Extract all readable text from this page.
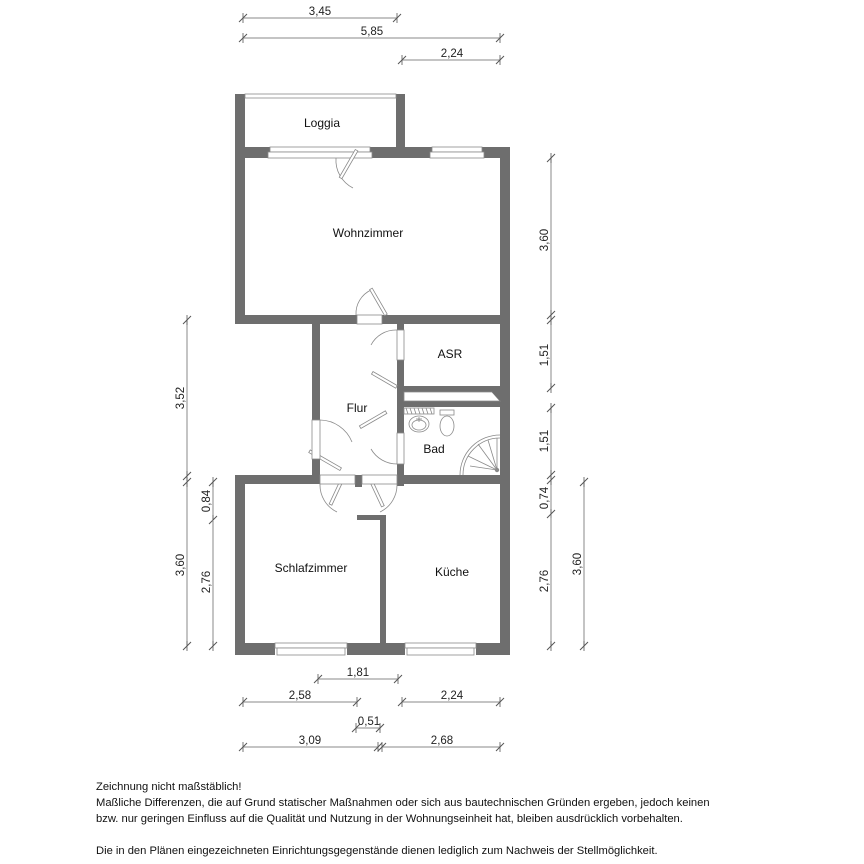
3,45
5,85
2,24
Loggia
Wohnzimmer
ASR
Flur
Bad
Schlafzimmer	Küche
3,52
3,60
0,84
2,76
3,60
1,51
1,51
0,74
2,76
3,60
1,81
2,58	2,24
0,51
3,09	2,68

Zeichnung nicht maßstäblich!

Maßliche Differenzen, die auf Grund statischer Maßnahmen oder sich aus bautechnischen Gründen ergeben, jedoch keinen

bzw. nur geringen Einfluss auf die Qualität und Nutzung in der Wohnungseinheit hat, bleiben ausdrücklich vorbehalten.

Die in den Plänen eingezeichneten Einrichtungsgegenstände dienen lediglich zum Nachweis der Stellmöglichkeit.
